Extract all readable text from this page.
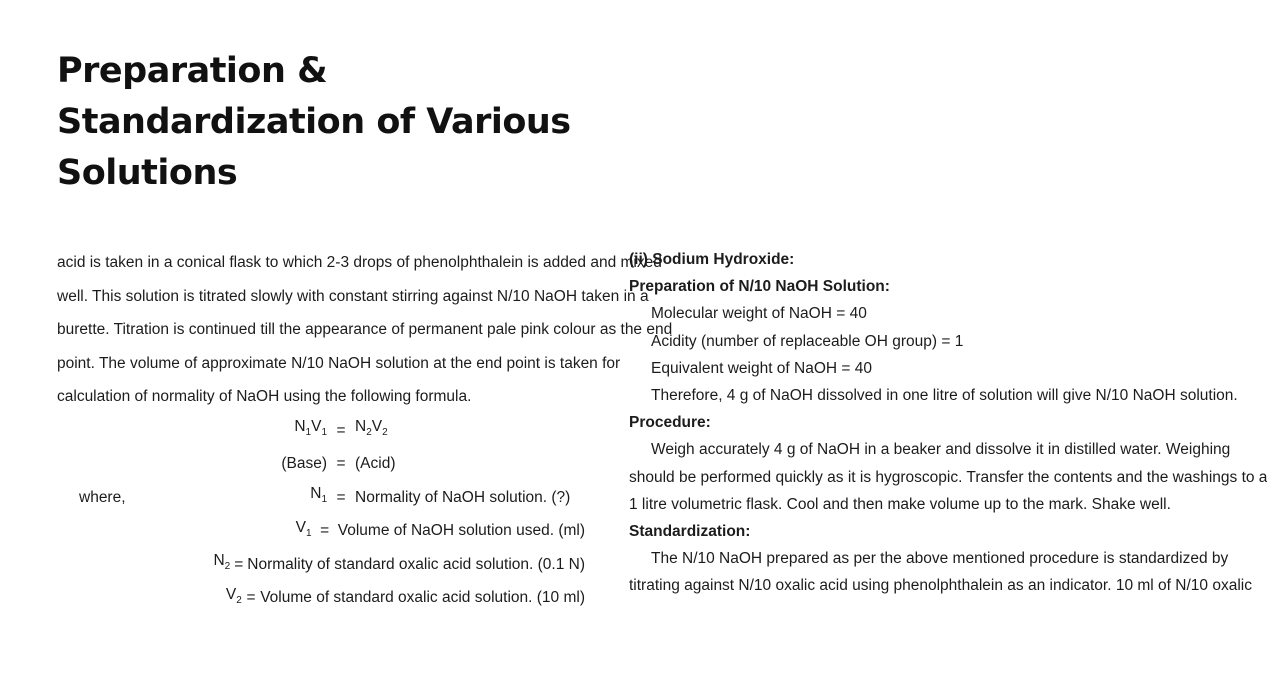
Preparation &
Standardization of Various
Solutions
acid is taken in a conical flask to which 2-3 drops of phenolphthalein is added and mixed
well. This solution is titrated slowly with constant stirring against N/10 NaOH taken in a
burette. Titration is continued till the appearance of permanent pale pink colour as the end
point. The volume of approximate N/10 NaOH solution at the end point is taken for
calculation of normality of NaOH using the following formula.
$N_1V_1 = N_2V_2$
(Base) = (Acid)
where,	$N_1$ = Normality of NaOH solution. (?)
$V_1$ = Volume of NaOH solution used. (ml)
$N_2$ = Normality of standard oxalic acid solution. (0.1 N)
$V_2$ = Volume of standard oxalic acid solution. (10 ml)
(ii) Sodium Hydroxide:
Preparation of N/10 NaOH Solution:
Molecular weight of NaOH = 40
Acidity (number of replaceable OH group) = 1
Equivalent weight of NaOH = 40
Therefore, 4 g of NaOH dissolved in one litre of solution will give N/10 NaOH solution.
Procedure:
Weigh accurately 4 g of NaOH in a beaker and dissolve it in distilled water. Weighing
should be performed quickly as it is hygroscopic. Transfer the contents and the washings to a
1 litre volumetric flask. Cool and then make volume up to the mark. Shake well.
Standardization:
The N/10 NaOH prepared as per the above mentioned procedure is standardized by
titrating against N/10 oxalic acid using phenolphthalein as an indicator. 10 ml of N/10 oxalic
